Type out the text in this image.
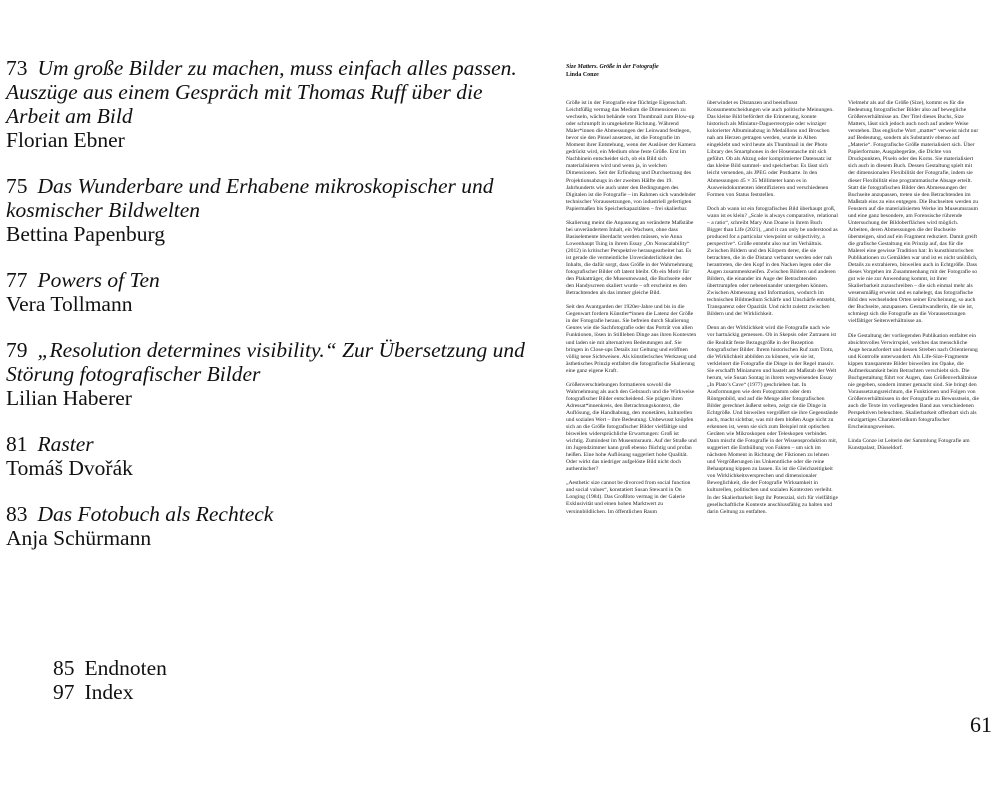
73 Um große Bilder zu machen, muss einfach alles passen. Auszüge aus einem Gespräch mit Thomas Ruff über die Arbeit am Bild
Florian Ebner
75 Das Wunderbare und Erhabene mikroskopischer und kosmischer Bildwelten
Bettina Papenburg
77 Powers of Ten
Vera Tollmann
79 „Resolution determines visibility.“ Zur Übersetzung und Störung fotografischer Bilder
Lilian Haberer
81 Raster
Tomáš Dvořák
83 Das Fotobuch als Rechteck
Anja Schürmann
85 Endnoten
97 Index
Size Matters. Größe in der Fotografie
Linda Conze

Größe ist in der Fotografie eine flüchtige Eigenschaft. Leichtfüßig vermag das Medium die Dimensionen zu wechseln, wächst behände vom Thumbnail zum Blow-up oder schrumpft in umgekehrte Richtung. Während Maler*innen die Abmessungen der Leinwand festlegen, bevor sie den Pinsel ansetzen, ist die Fotografie im Moment ihrer Entstehung, wenn der Auslöser der Kamera gedrückt wird, ein Medium ohne feste Größe. Erst im Nachhinein entscheidet sich, ob ein Bild sich materialisieren wird und wenn ja, in welchen Dimensionen. Seit der Erfindung und Durchsetzung des Projektionsabzugs in der zweiten Hälfte des 19. Jahrhunderts wie auch unter den Bedingungen des Digitalen ist die Fotografie – im Rahmen sich wandelnder technischer Voraussetzungen, von industriell gefertigten Papiermaßen bis Speicherkapazitäten – frei skalierbar.

Skalierung meint die Anpassung an veränderte Maßstäbe bei unverändertem Inhalt, ein Wachsen, ohne dass Basiselemente überdacht werden müssen, wie Anna Lowenhaupt Tsing in ihrem Essay „On Nonscalability“ (2012) in kritischer Perspektive herausgearbeitet hat. Es ist gerade die vermeintliche Unveränderlichkeit des Inhalts, die dafür sorgt, dass Größe in der Wahrnehmung fotografischer Bilder oft latent bleibt. Ob ein Motiv für den Plakatträger, die Museumswand, die Buchseite oder den Handyscreen skaliert wurde – oft erscheint es den Betrachtenden als das immer gleiche Bild.

Seit den Avantgarden der 1920er-Jahre und bis in die Gegenwart fordern Künstler*innen die Latenz der Größe in der Fotografie heraus. Sie befreien durch Skalierung Genres wie die Sachfotografie oder das Porträt von allen Funktionen, lösen in Stillleben Dinge aus ihren Kontexten und laden sie mit alternativen Bedeutungen auf. Sie bringen in Close-ups Details zur Geltung und eröffnen völlig neue Sichtweisen. Als künstlerisches Werkzeug und ästhetisches Prinzip entfaltet die fotografische Skalierung eine ganz eigene Kraft.

Größenverschiebungen formatieren sowohl die Wahrnehmung als auch den Gebrauch und die Wirkweise fotografischer Bilder entscheidend. Sie prägen ihren Adressat*innenkreis, den Betrachtungskontext, die Auflösung, die Handhabung, den monetären, kulturellen und sozialen Wert – ihre Bedeutung. Unbewusst knüpfen sich an die Größe fotografischer Bilder vielfältige und bisweilen widersprüchliche Erwartungen: Groß ist wichtig. Zumindest im Museumsraum. Auf der Straße und im Jugendzimmer kann groß ebenso flüchtig und profan heißen. Eine hohe Auflösung suggeriert hohe Qualität. Oder wirkt das niedriger aufgelöste Bild nicht doch authentischer?

„Aesthetic size cannot be divorced from social function and social values“, konstatiert Susan Steward in On Longing (1984). Das Großfoto vermag in der Galerie Exklusivität und einen hohen Marktwert zu versinnbildlichen. Im öffentlichen Raum

überwindet es Distanzen und beeinflusst Konsumentscheidungen wie auch politische Meinungen. Das kleine Bild befördert die Erinnerung, konnte historisch als Miniatur-Daguerreotypie oder winziger kolorierter Albuminabzug in Medaillons und Broschen nah am Herzen getragen werden, wurde in Alben eingeklebt und wird heute als Thumbnail in der Photo Library des Smartphones in der Hosentasche mit sich geführt. Ob als Abzug oder komprimierter Datensatz ist das kleine Bild sammel- und speicherbar. Es lässt sich leicht versenden, als JPEG oder Postkarte. In den Abmessungen 45 × 35 Millimeter kann es in Ausweisdokumenten identifizieren und verschiedenen Formen von Status feststellen.

Doch ab wann ist ein fotografisches Bild überhaupt groß, wann ist es klein? „Scale is always comparative, relational – a ratio“, schreibt Mary Ann Doane in ihrem Buch Bigger than Life (2021), „and it can only be understood as produced for a particular viewpoint or subjectivity, a perspective“. Größe entsteht also nur im Verhältnis. Zwischen Bildern und den Körpern derer, die sie betrachten, die in die Distanz verbannt werden oder nah herantreten, die den Kopf in den Nacken legen oder die Augen zusammenkneifen. Zwischen Bildern und anderen Bildern, die einander im Auge der Betrachtenden übertrumpfen oder nebeneinander untergehen können. Zwischen Abmessung und Information, wodurch im technischen Bildmedium Schärfe und Unschärfe entsteht, Transparenz oder Opazität. Und nicht zuletzt zwischen Bildern und der Wirklichkeit.

Denn an der Wirklichkeit wird die Fotografie nach wie vor hartnäckig gemessen. Ob in Skepsis oder Zutrauen ist die Realität feste Bezugsgröße in der Rezeption fotografischer Bilder. Ihrem historischen Ruf zum Trotz, die Wirklichkeit abbilden zu können, wie sie ist, verkleinert die Fotografie die Dinge in der Regel massiv. Sie erschafft Miniaturen und bastelt am Maßstab der Welt herum, wie Susan Sontag in ihrem wegweisenden Essay „In Plato’s Cave“ (1977) geschrieben hat. In Ausformungen wie dem Fotogramm oder dem Röntgenbild, und auf die Menge aller fotografischen Bilder gerechnet äußerst selten, zeigt sie die Dinge in Echtgröße. Und bisweilen vergrößert sie ihre Gegenstände auch, macht sichtbar, was mit dem bloßen Auge nicht zu erkennen ist, wenn sie sich zum Beispiel mit optischen Geräten wie Mikroskopen oder Teleskopen verbindet. Dann mischt die Fotografie in der Wissensproduktion mit, suggeriert die Enthüllung von Fakten – um sich im nächsten Moment in Richtung der Fiktionen zu lehnen und Vergrößerungen ins Unkenntliche oder die reine Behauptung kippen zu lassen. Es ist die Gleichzeitigkeit von Wirklichkeitsversprechen und dimensionaler Beweglichkeit, die der Fotografie Wirksamkeit in kulturellen, politischen und sozialen Kontexten verleiht. In der Skalierbarkeit liegt ihr Potenzial, sich für vielfältige gesellschaftliche Kontexte anschlussfähig zu halten und darin Geltung zu entfalten.

Vielmehr als auf die Größe (Size), kommt es für die Bedeutung fotografischer Bilder also auf bewegliche Größenverhältnisse an. Der Titel dieses Buchs, Size Matters, lässt sich jedoch auch noch auf andere Weise verstehen. Das englische Wort „matter“ verweist nicht nur auf Bedeutung, sondern als Substantiv ebenso auf „Materie“. Fotografische Größe materialisiert sich. Über Papierformate, Ausgabegeräte, die Dichte von Druckpunkten, Pixeln oder des Korns. Sie materialisiert sich auch in diesem Buch. Dessen Gestaltung spielt mit der dimensionalen Flexibilität der Fotografie, indem sie dieser Flexibilität eine programmatische Absage erteilt. Statt die fotografischen Bilder den Abmessungen der Buchseite anzupassen, treten sie den Betrachtenden im Maßstab eins zu eins entgegen. Die Buchseiten werden zu Fenstern auf die materialisierten Werke im Museumsraum und eine ganz besondere, am Forensische rührende Untersuchung der Bildoberflächen wird möglich. Arbeiten, deren Abmessungen die der Buchseite übersteigen, sind auf ein Fragment reduziert. Damit greift die grafische Gestaltung ein Prinzip auf, das für die Malerei eine gewisse Tradition hat: In kunsthistorischen Publikationen zu Gemälden war und ist es nicht unüblich, Details zu extrahieren, bisweilen auch in Echtgröße. Dass dieses Vorgehen im Zusammenhang mit der Fotografie so gut wie nie zur Anwendung kommt, ist ihrer Skalierbarkeit zuzuschreiben – die sich einmal mehr als wesensmäßig erweist und es nahelegt, das fotografische Bild den wechselnden Orten seiner Erscheinung, so auch der Buchseite, anzupassen. Gestaltwandlerin, die sie ist, schmiegt sich die Fotografie an die Voraussetzungen vielfältiger Seitenverhältnisse an.

Die Gestaltung der vorliegenden Publikation entfaltet ein absichtsvolles Verwirrspiel, welches das menschliche Auge herausfordert und dessen Streben nach Orientierung und Kontrolle unterwandert. Als Life-Size-Fragmente kippen transparente Bilder bisweilen ins Opake, die Aufmerksamkeit beim Betrachten verschiebt sich. Die Buchgestaltung führt vor Augen, dass Größenverhältnisse nie gegeben, sondern immer gemacht sind. Sie bringt den Voraussetzungsreichtum, die Funktionen und Folgen von Größenverhältnissen in der Fotografie zu Bewusstsein, die auch die Texte im vorliegenden Band aus verschiedenen Perspektiven beleuchten. Skalierbarkeit offenbart sich als einzigartiges Charakteristikum fotografischer Erscheinungsweisen.

Linda Conze ist Leiterin der Sammlung Fotografie am Kunstpalast, Düsseldorf.

61
